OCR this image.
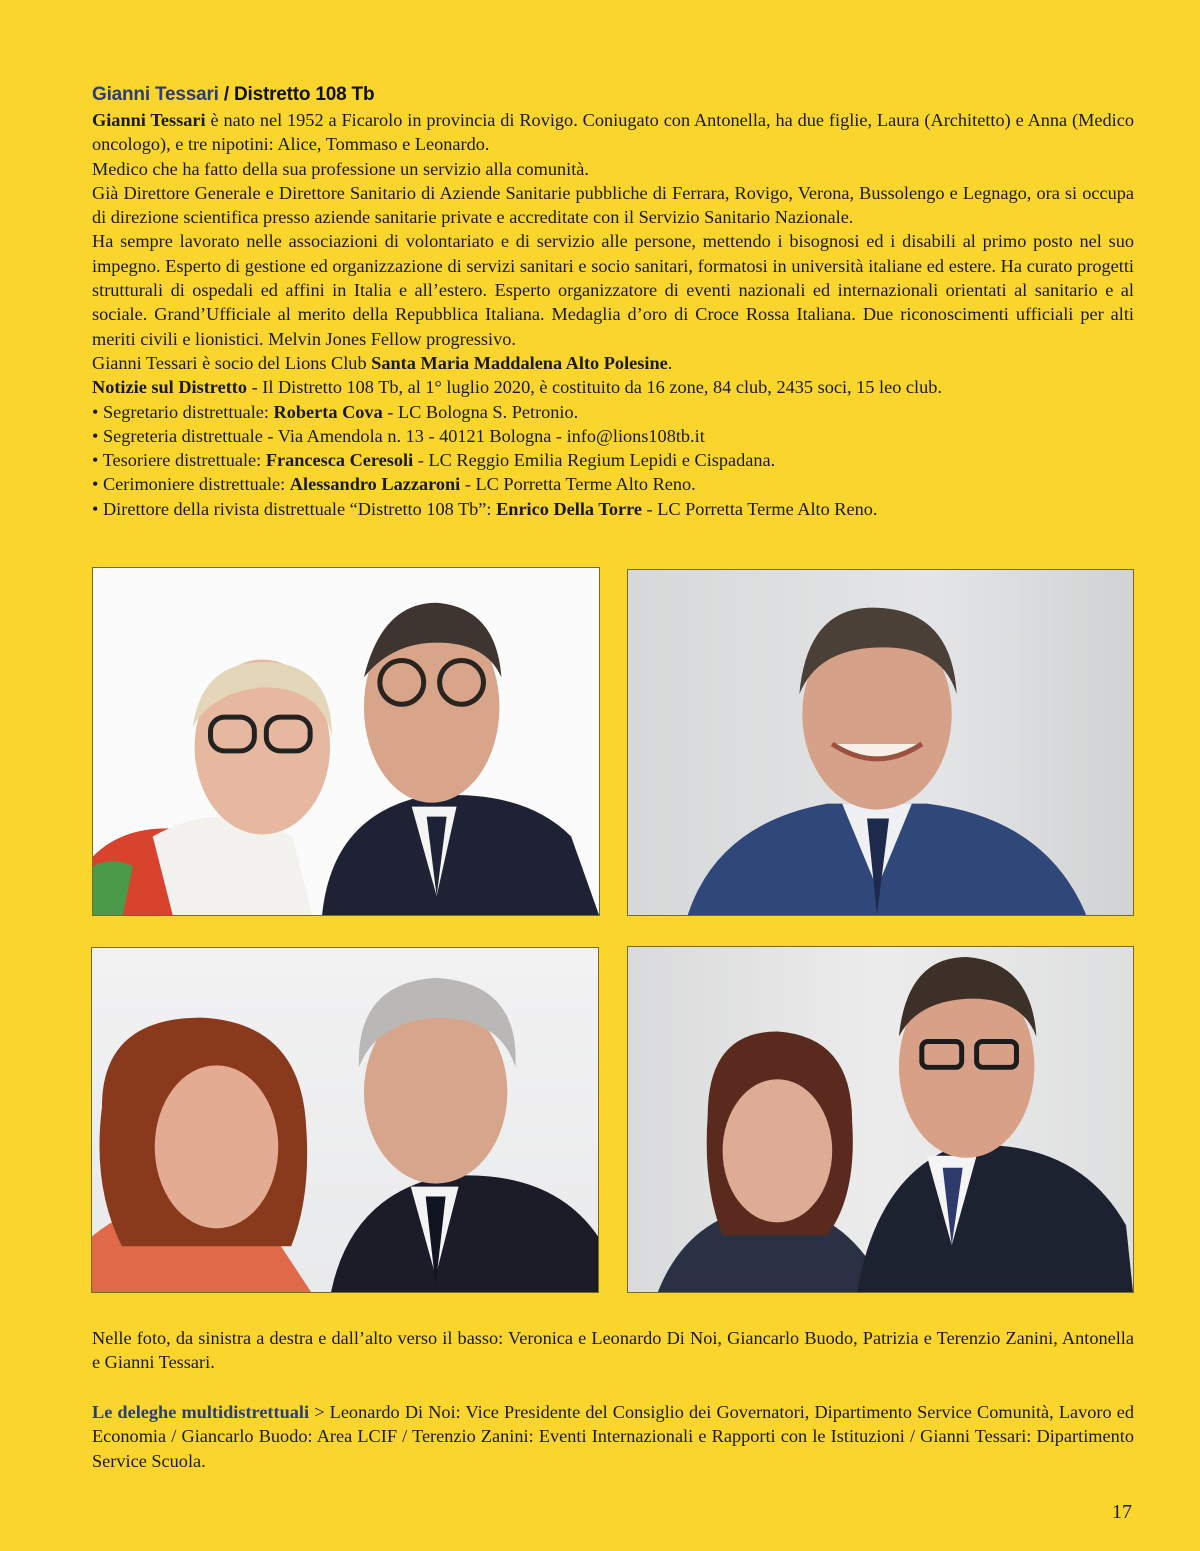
Gianni Tessari / Distretto 108 Tb

Gianni Tessari è nato nel 1952 a Ficarolo in provincia di Rovigo. Coniugato con Antonella, ha due figlie, Laura (Architetto) e Anna (Medico oncologo), e tre nipotini: Alice, Tommaso e Leonardo.

Medico che ha fatto della sua professione un servizio alla comunità.

Già Direttore Generale e Direttore Sanitario di Aziende Sanitarie pubbliche di Ferrara, Rovigo, Verona, Bussolengo e Legnago, ora si occupa di direzione scientifica presso aziende sanitarie private e accreditate con il Servizio Sanitario Nazionale.

Ha sempre lavorato nelle associazioni di volontariato e di servizio alle persone, mettendo i bisognosi ed i disabili al primo posto nel suo impegno. Esperto di gestione ed organizzazione di servizi sanitari e socio sanitari, formatosi in università italiane ed estere. Ha curato progetti strutturali di ospedali ed affini in Italia e all’estero. Esperto organizzatore di eventi nazionali ed internazionali orientati al sanitario e al sociale. Grand’Ufficiale al merito della Repubblica Italiana. Medaglia d’oro di Croce Rossa Italiana. Due riconoscimenti ufficiali per alti meriti civili e lionistici. Melvin Jones Fellow progressivo.

Gianni Tessari è socio del Lions Club Santa Maria Maddalena Alto Polesine.

Notizie sul Distretto - Il Distretto 108 Tb, al 1° luglio 2020, è costituito da 16 zone, 84 club, 2435 soci, 15 leo club.

• Segretario distrettuale: Roberta Cova - LC Bologna S. Petronio.

• Segreteria distrettuale - Via Amendola n. 13 - 40121 Bologna - info@lions108tb.it

• Tesoriere distrettuale: Francesca Ceresoli - LC Reggio Emilia Regium Lepidi e Cispadana.

• Cerimoniere distrettuale: Alessandro Lazzaroni - LC Porretta Terme Alto Reno.

• Direttore della rivista distrettuale “Distretto 108 Tb”: Enrico Della Torre - LC Porretta Terme Alto Reno.

Nelle foto, da sinistra a destra e dall’alto verso il basso: Veronica e Leonardo Di Noi, Giancarlo Buodo, Patrizia e Terenzio Zanini, Antonella e Gianni Tessari.

Le deleghe multidistrettuali > Leonardo Di Noi: Vice Presidente del Consiglio dei Governatori, Dipartimento Service Comunità, Lavoro ed Economia / Giancarlo Buodo: Area LCIF / Terenzio Zanini: Eventi Internazionali e Rapporti con le Istituzioni / Gianni Tessari: Dipartimento Service Scuola.

17
